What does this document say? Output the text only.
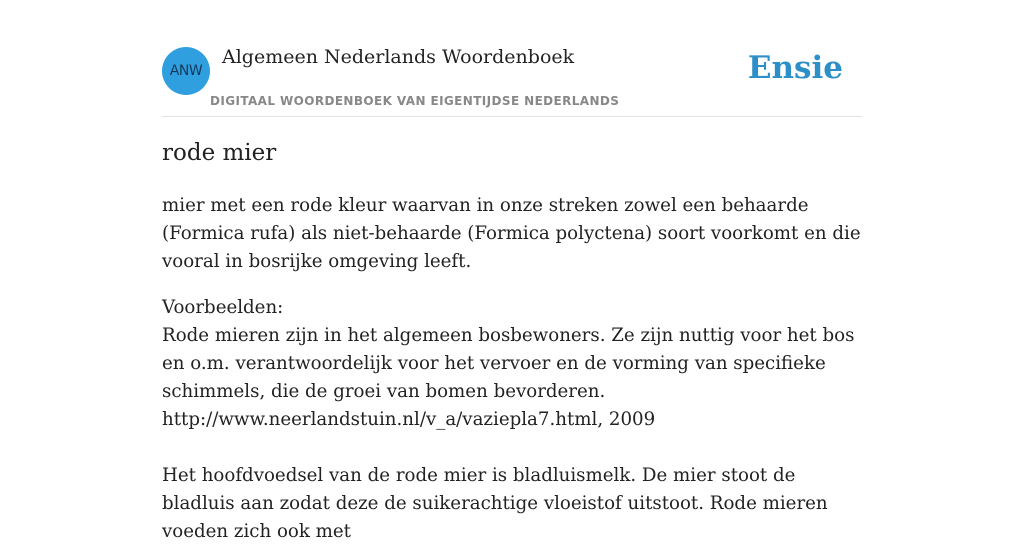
ANW
Algemeen Nederlands Woordenboek
DIGITAAL WOORDENBOEK VAN EIGENTIJDSE NEDERLANDS
Ensie
rode mier

mier met een rode kleur waarvan in onze streken zowel een behaarde (Formica rufa) als niet-behaarde (Formica polyctena) soort voorkomt en die vooral in bosrijke omgeving leeft.

Voorbeelden:
Rode mieren zijn in het algemeen bosbewoners. Ze zijn nuttig voor het bos en o.m. verantwoordelijk voor het vervoer en de vorming van specifieke schimmels, die de groei van bomen bevorderen.
http://www.neerlandstuin.nl/v_a/vaziepla7.html, 2009
Het hoofdvoedsel van de rode mier is bladluismelk. De mier stoot de bladluis aan zodat deze de suikerachtige vloeistof uitstoot. Rode mieren voeden zich ook met
